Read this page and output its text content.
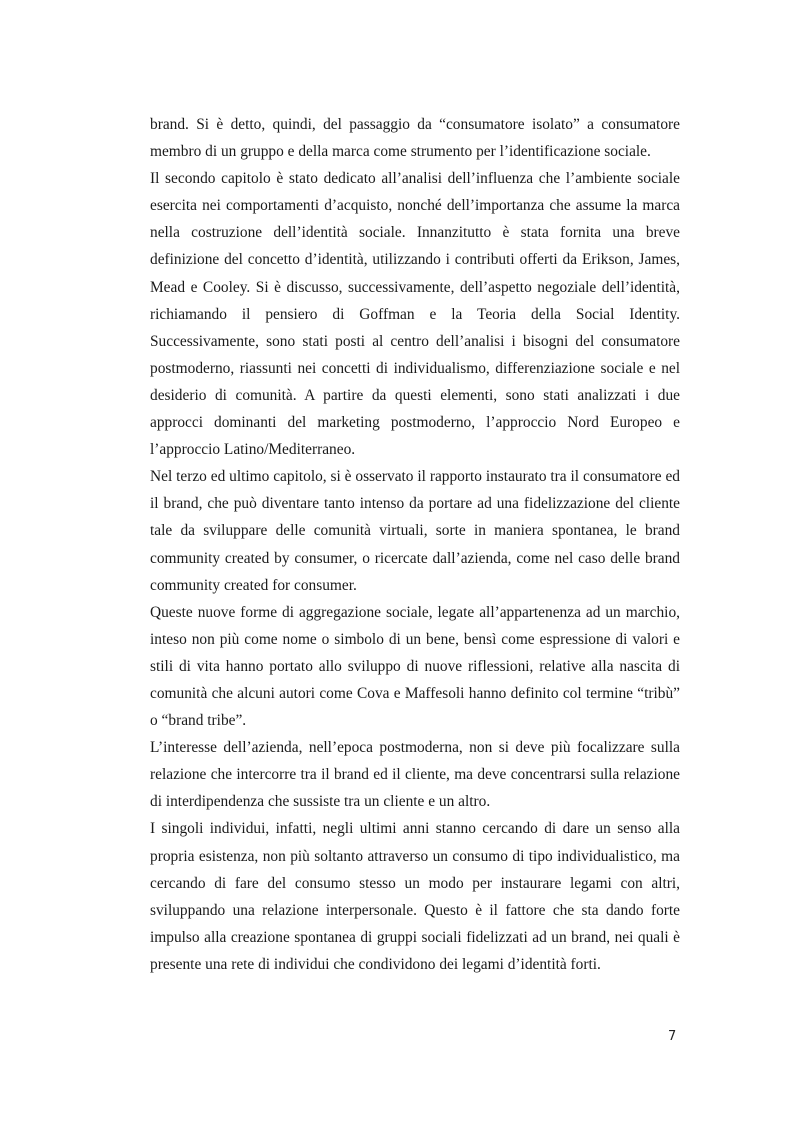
brand. Si è detto, quindi, del passaggio da “consumatore isolato” a consumatore membro di un gruppo e della marca come strumento per l’identificazione sociale.

Il secondo capitolo è stato dedicato all’analisi dell’influenza che l’ambiente sociale esercita nei comportamenti d’acquisto, nonché dell’importanza che assume la marca nella costruzione dell’identità sociale. Innanzitutto è stata fornita una breve definizione del concetto d’identità, utilizzando i contributi offerti da Erikson, James, Mead e Cooley. Si è discusso, successivamente, dell’aspetto negoziale dell’identità, richiamando il pensiero di Goffman e la Teoria della Social Identity. Successivamente, sono stati posti al centro dell’analisi i bisogni del consumatore postmoderno, riassunti nei concetti di individualismo, differenziazione sociale e nel desiderio di comunità. A partire da questi elementi, sono stati analizzati i due approcci dominanti del marketing postmoderno, l’approccio Nord Europeo e l’approccio Latino/Mediterraneo.

Nel terzo ed ultimo capitolo, si è osservato il rapporto instaurato tra il consumatore ed il brand, che può diventare tanto intenso da portare ad una fidelizzazione del cliente tale da sviluppare delle comunità virtuali, sorte in maniera spontanea, le brand community created by consumer, o ricercate dall’azienda, come nel caso delle brand community created for consumer.

Queste nuove forme di aggregazione sociale, legate all’appartenenza ad un marchio, inteso non più come nome o simbolo di un bene, bensì come espressione di valori e stili di vita hanno portato allo sviluppo di nuove riflessioni, relative alla nascita di comunità che alcuni autori come Cova e Maffesoli hanno definito col termine “tribù” o “brand tribe”.

L’interesse dell’azienda, nell’epoca postmoderna, non si deve più focalizzare sulla relazione che intercorre tra il brand ed il cliente, ma deve concentrarsi sulla relazione di interdipendenza che sussiste tra un cliente e un altro.

I singoli individui, infatti, negli ultimi anni stanno cercando di dare un senso alla propria esistenza, non più soltanto attraverso un consumo di tipo individualistico, ma cercando di fare del consumo stesso un modo per instaurare legami con altri, sviluppando una relazione interpersonale. Questo è il fattore che sta dando forte impulso alla creazione spontanea di gruppi sociali fidelizzati ad un brand, nei quali è presente una rete di individui che condividono dei legami d’identità forti.

7
